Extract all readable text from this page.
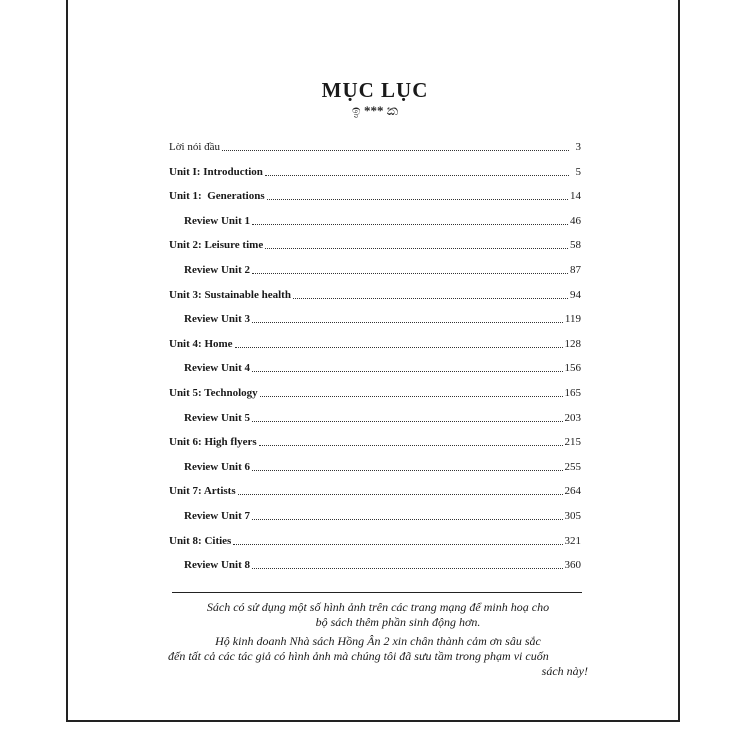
MỤC LỤC
ඉ *** ක
Lời nói đầu	3
Unit I: Introduction	5
Unit 1:  Generations	14
Review Unit 1	46
Unit 2: Leisure time	58
Review Unit 2	87
Unit 3: Sustainable health	94
Review Unit 3	119
Unit 4: Home	128
Review Unit 4	156
Unit 5: Technology	165
Review Unit 5	203
Unit 6: High flyers	215
Review Unit 6	255
Unit 7: Artists	264
Review Unit 7	305
Unit 8: Cities	321
Review Unit 8	360

Sách có sử dụng một số hình ảnh trên các trang mạng để minh hoạ cho

bộ sách thêm phần sinh động hơn.

Hộ kinh doanh Nhà sách Hồng Ân 2 xin chân thành cảm ơn sâu sắc

đến tất cả các tác giả có hình ảnh mà chúng tôi đã sưu tầm trong phạm vi cuốn

sách này!
